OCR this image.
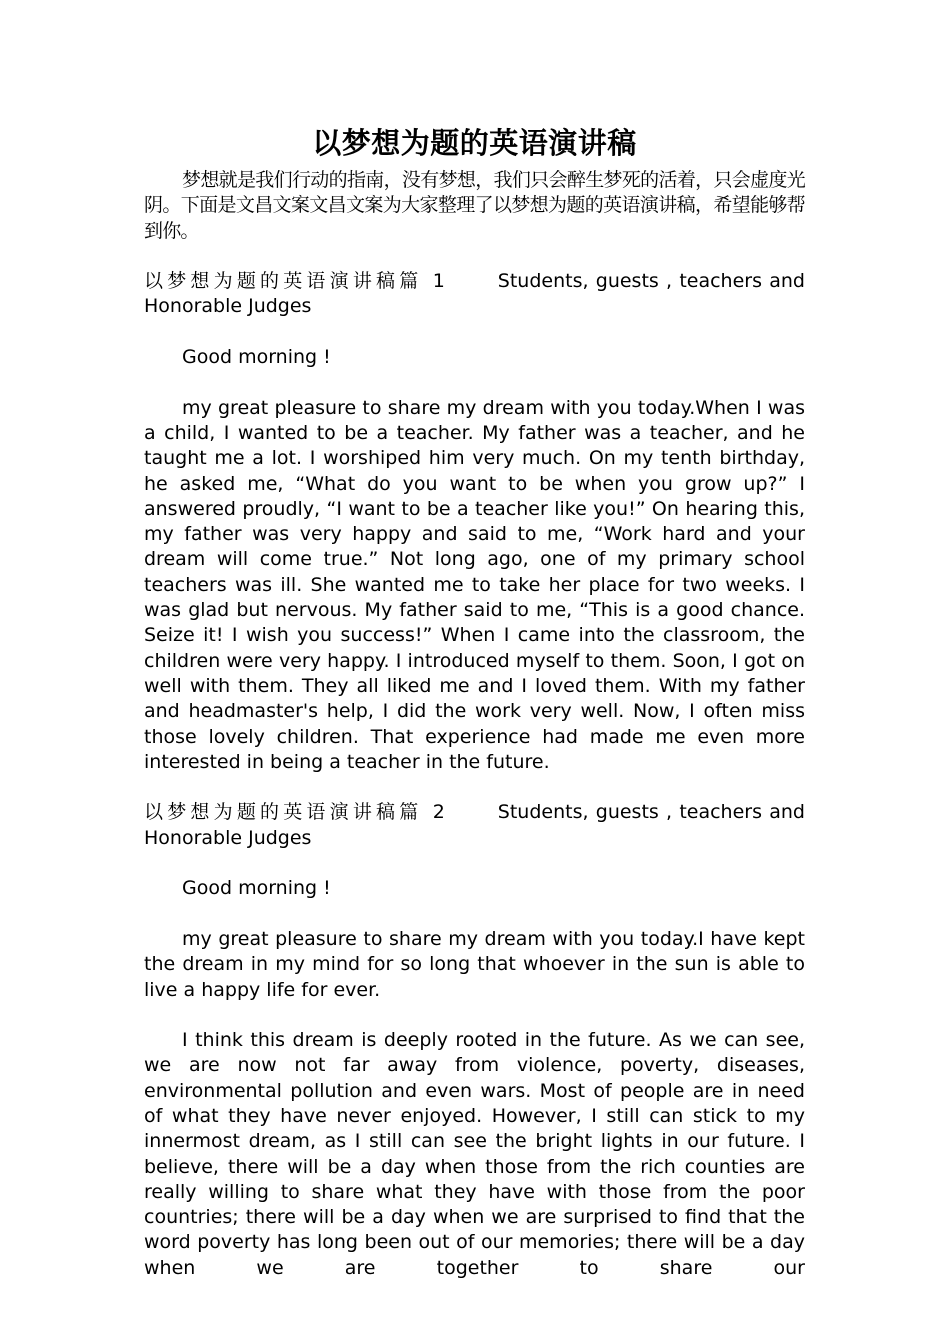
以梦想为题的英语演讲稿

梦想就是我们行动的指南，没有梦想，我们只会醉生梦死的活着，只会虚度光阴。下面是文昌文案文昌文案为大家整理了以梦想为题的英语演讲稿，希望能够帮到你。

以梦想为题的英语演讲稿篇 1	Students, guests , teachers and Honorable Judges

Good morning !

my great pleasure to share my dream with you today.When I was a child, I wanted to be a teacher. My father was a teacher, and he taught me a lot. I worshiped him very much. On my tenth birthday, he asked me, “What do you want to be when you grow up?” I answered proudly, “I want to be a teacher like you!” On hearing this, my father was very happy and said to me, “Work hard and your dream will come true.” Not long ago, one of my primary school teachers was ill. She wanted me to take her place for two weeks. I was glad but nervous. My father said to me, “This is a good chance. Seize it! I wish you success!” When I came into the classroom, the children were very happy. I introduced myself to them. Soon, I got on well with them. They all liked me and I loved them. With my father and headmaster's help, I did the work very well. Now, I often miss those lovely children. That experience had made me even more interested in being a teacher in the future.

以梦想为题的英语演讲稿篇 2	Students, guests , teachers and Honorable Judges

Good morning !

my great pleasure to share my dream with you today.I have kept the dream in my mind for so long that whoever in the sun is able to live a happy life for ever.

I think this dream is deeply rooted in the future. As we can see, we are now not far away from violence, poverty, diseases, environmental pollution and even wars. Most of people are in need of what they have never enjoyed. However, I still can stick to my innermost dream, as I still can see the bright lights in our future. I believe, there will be a day when those from the rich counties are really willing to share what they have with those from the poor countries; there will be a day when we are surprised to find that the word poverty has long been out of our memories; there will be a day when we are together to share our
